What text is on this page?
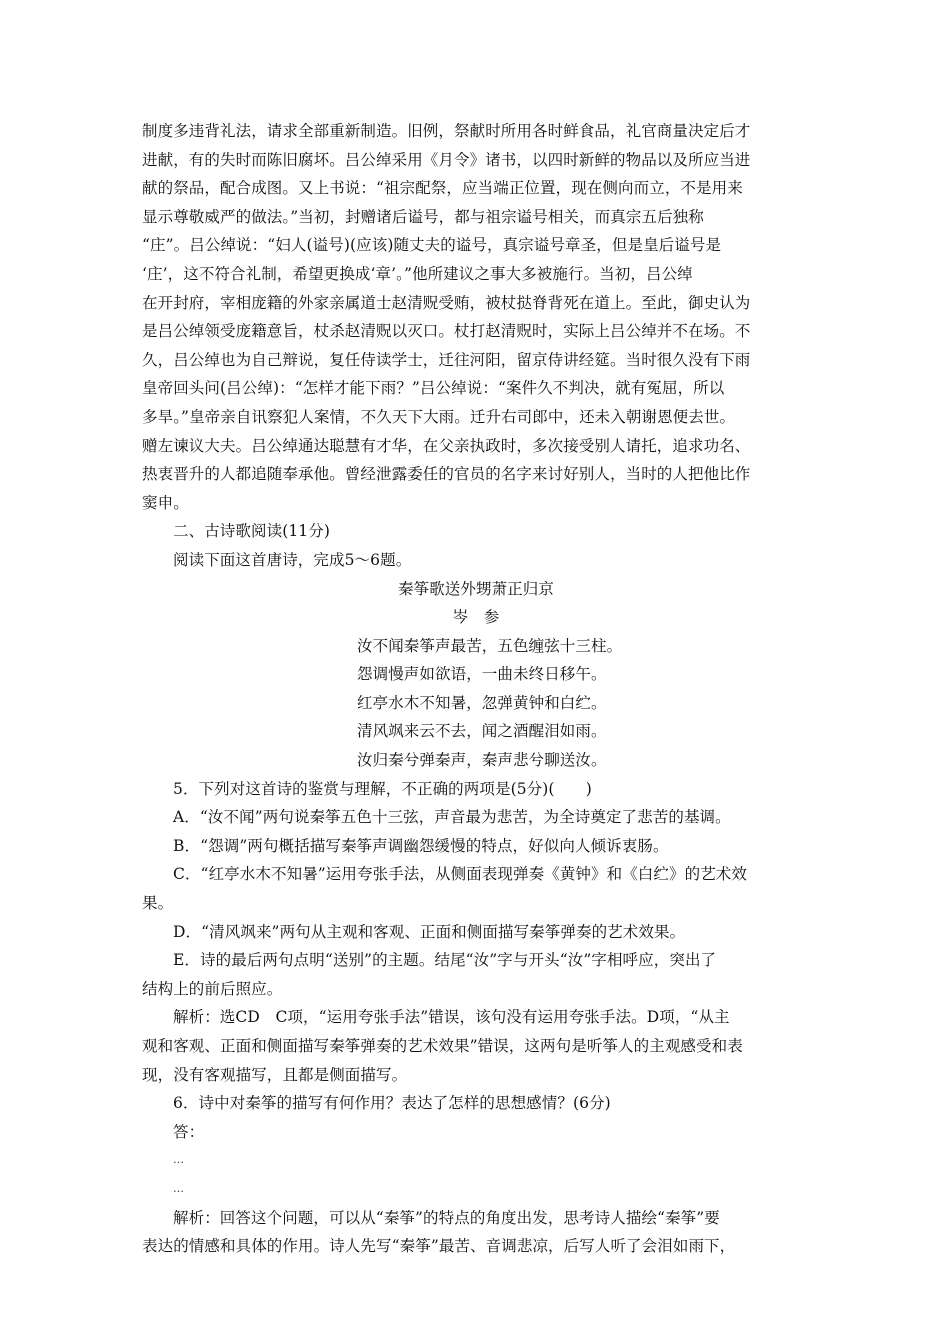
制度多违背礼法，请求全部重新制造。旧例，祭献时所用各时鲜食品，礼官商量决定后才
进献，有的失时而陈旧腐坏。吕公绰采用《月令》诸书，以四时新鲜的物品以及所应当进
献的祭品，配合成图。又上书说：“祖宗配祭，应当端正位置，现在侧向而立，不是用来
显示尊敬威严的做法。”当初，封赠诸后谥号，都与祖宗谥号相关，而真宗五后独称
“庄”。吕公绰说：“妇人(谥号)(应该)随丈夫的谥号，真宗谥号章圣，但是皇后谥号是
‘庄’，这不符合礼制，希望更换成‘章’。”他所建议之事大多被施行。当初，吕公绰
在开封府，宰相庞籍的外家亲属道士赵清贶受贿，被杖挞脊背死在道上。至此，御史认为
是吕公绰领受庞籍意旨，杖杀赵清贶以灭口。杖打赵清贶时，实际上吕公绰并不在场。不
久，吕公绰也为自己辩说，复任侍读学士，迁往河阳，留京侍讲经筵。当时很久没有下雨
皇帝回头问(吕公绰)：“怎样才能下雨？”吕公绰说：“案件久不判决，就有冤屈，所以
多旱。”皇帝亲自讯察犯人案情，不久天下大雨。迁升右司郎中，还未入朝谢恩便去世。
赠左谏议大夫。吕公绰通达聪慧有才华，在父亲执政时，多次接受别人请托，追求功名、
热衷晋升的人都追随奉承他。曾经泄露委任的官员的名字来讨好别人，当时的人把他比作
窦申。
二、古诗歌阅读(11分)
阅读下面这首唐诗，完成5～6题。
秦筝歌送外甥萧正归京
岑　参
汝不闻秦筝声最苦，五色缠弦十三柱。
怨调慢声如欲语，一曲未终日移午。
红亭水木不知暑，忽弹黄钟和白纻。
清风飒来云不去，闻之酒醒泪如雨。
汝归秦兮弹秦声，秦声悲兮聊送汝。
5．下列对这首诗的鉴赏与理解，不正确的两项是(5分)(　　)
A．“汝不闻”两句说秦筝五色十三弦，声音最为悲苦，为全诗奠定了悲苦的基调。
B．“怨调”两句概括描写秦筝声调幽怨缓慢的特点，好似向人倾诉衷肠。
C．“红亭水木不知暑”运用夸张手法，从侧面表现弹奏《黄钟》和《白纻》的艺术效
果。
D．“清风飒来”两句从主观和客观、正面和侧面描写秦筝弹奏的艺术效果。
E．诗的最后两句点明“送别”的主题。结尾“汝”字与开头“汝”字相呼应，突出了
结构上的前后照应。
解析：选CD　C项，“运用夸张手法”错误，该句没有运用夸张手法。D项，“从主
观和客观、正面和侧面描写秦筝弹奏的艺术效果”错误，这两句是听筝人的主观感受和表
现，没有客观描写，且都是侧面描写。
6．诗中对秦筝的描写有何作用？表达了怎样的思想感情？(6分)
答：
…
…
解析：回答这个问题，可以从“秦筝”的特点的角度出发，思考诗人描绘“秦筝”要
表达的情感和具体的作用。诗人先写“秦筝”最苦、音调悲凉，后写人听了会泪如雨下，
